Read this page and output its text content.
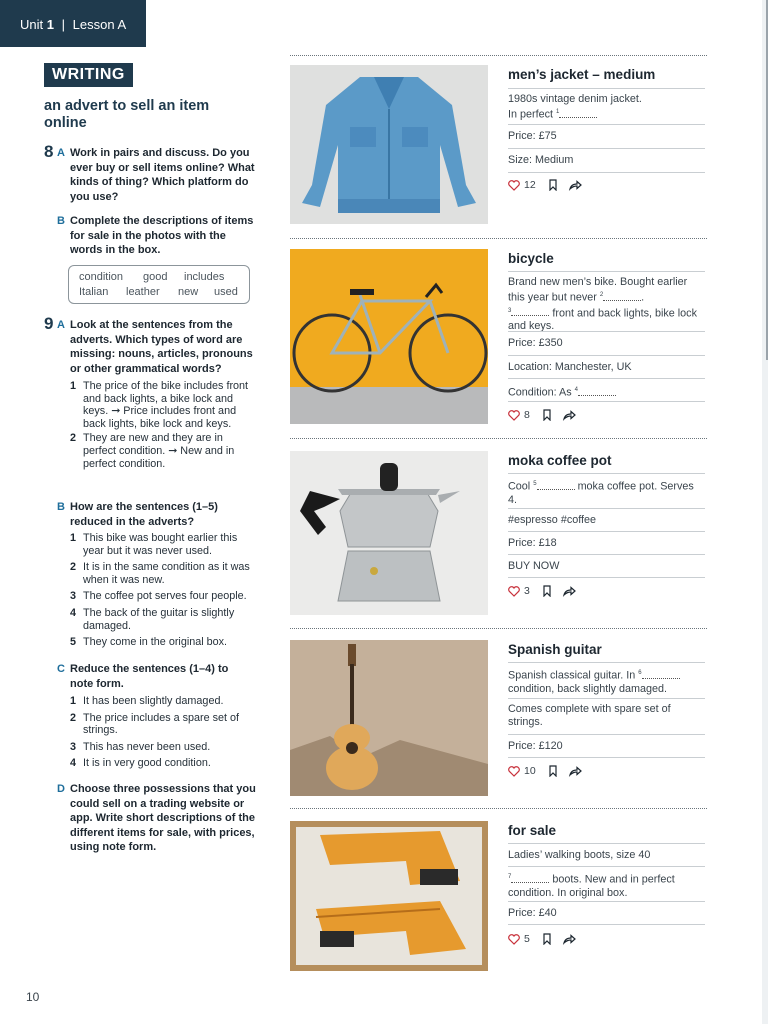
Unit 1 | Lesson A
WRITING
an advert to sell an item online
8 A Work in pairs and discuss. Do you ever buy or sell items online? What kinds of thing? Which platform do you use?
B Complete the descriptions of items for sale in the photos with the words in the box.
condition good includes
Italian leather new used
9 A Look at the sentences from the adverts. Which types of word are missing: nouns, articles, pronouns or other grammatical words?
1 The price of the bike includes front and back lights, a bike lock and keys. ➞ Price includes front and back lights, bike lock and keys.
2 They are new and they are in perfect condition. ➞ New and in perfect condition.
B How are the sentences (1–5) reduced in the adverts?
1 This bike was bought earlier this year but it was never used.
2 It is in the same condition as it was when it was new.
3 The coffee pot serves four people.
4 The back of the guitar is slightly damaged.
5 They come in the original box.
C Reduce the sentences (1–4) to note form.
1 It has been slightly damaged.
2 The price includes a spare set of strings.
3 This has never been used.
4 It is in very good condition.
D Choose three possessions that you could sell on a trading website or app. Write short descriptions of the different items for sale, with prices, using note form.
10
men’s jacket – medium
1980s vintage denim jacket.
In perfect $^1$
Price: £75
Size: Medium
12
bicycle
Brand new men’s bike. Bought earlier this year but never $^2$	.
$^3$	front and back lights, bike lock and keys.
Price: £350
Location: Manchester, UK
Condition: As $^4$
8
moka coffee pot
Cool $^5$	moka coffee pot. Serves 4.
#espresso #coffee
Price: £18
BUY NOW
3
Spanish guitar
Spanish classical guitar. In $^6$
condition, back slightly damaged.
Comes complete with spare set of strings.
Price: £120
10
for sale
Ladies’ walking boots, size 40
$^7$	boots. New and in perfect condition. In original box.
Price: £40
5
